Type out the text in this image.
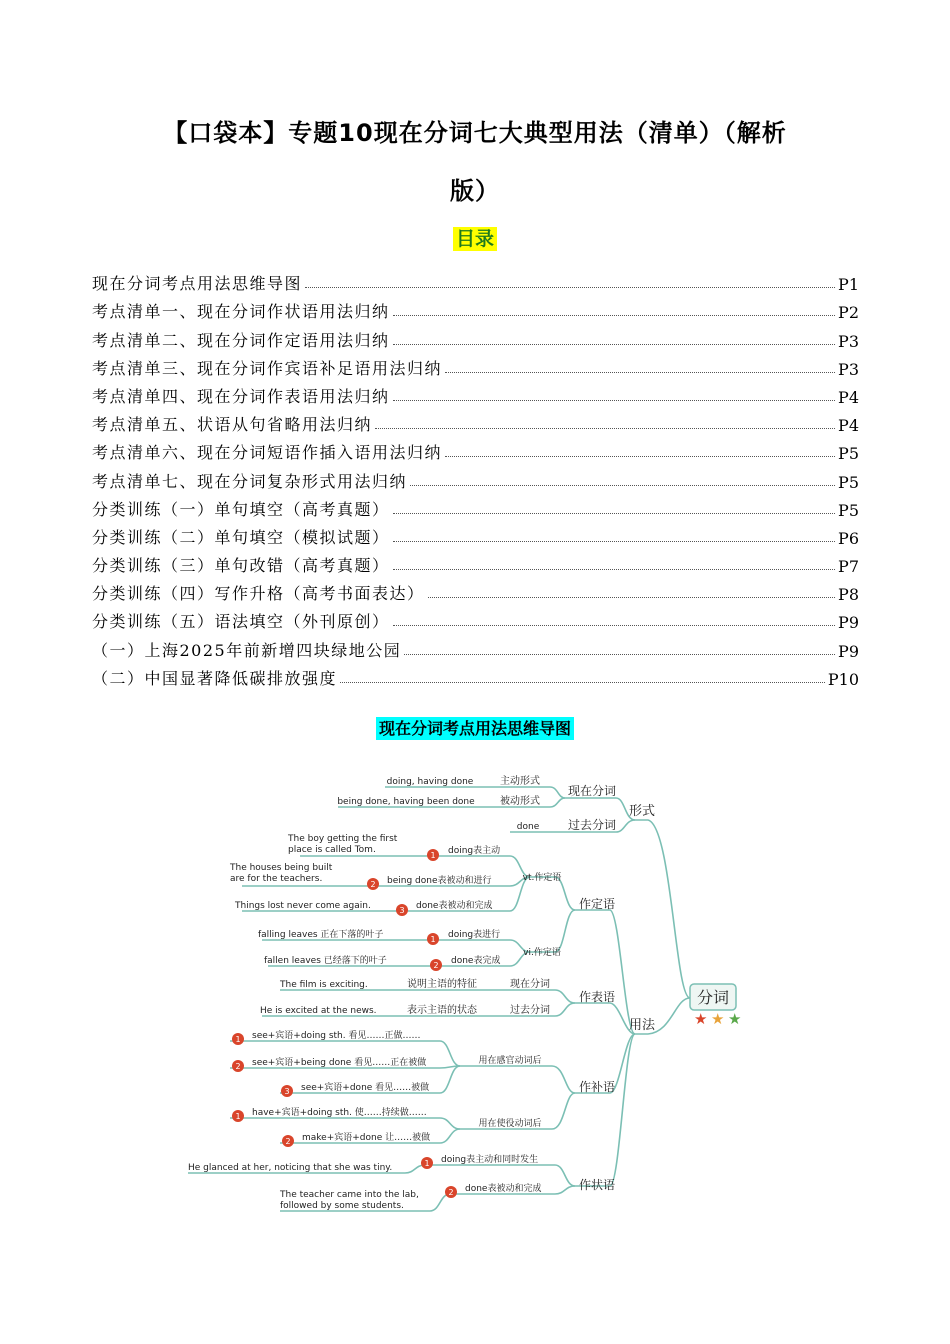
【口袋本】专题10现在分词七大典型用法（清单）（解析
版）
目录
现在分词考点用法思维导图	P1
考点清单一、现在分词作状语用法归纳	P2
考点清单二、现在分词作定语用法归纳	P3
考点清单三、现在分词作宾语补足语用法归纳	P3
考点清单四、现在分词作表语用法归纳	P4
考点清单五、状语从句省略用法归纳	P4
考点清单六、现在分词短语作插入语用法归纳	P5
考点清单七、现在分词复杂形式用法归纳	P5
分类训练（一）单句填空（高考真题）	P5
分类训练（二）单句填空（模拟试题）	P6
分类训练（三）单句改错（高考真题）	P7
分类训练（四）写作升格（高考书面表达）	P8
分类训练（五）语法填空（外刊原创）	P9
（一）上海2025年前新增四块绿地公园	P9
（二）中国显著降低碳排放强度	P10
现在分词考点用法思维导图
分词
★ ★ ★
形式
用法
现在分词
过去分词
主动形式
被动形式
doing, having done
being done, having been done
done
作定语
vt.作定语
vi.作定语
1 doing表主动
2 being done表被动和进行
3 done表被动和完成
The boy getting the first
place is called Tom.
The houses being built
are for the teachers.
Things lost never come again.
1 doing表进行
2 done表完成
falling leaves 正在下落的叶子
fallen leaves 已经落下的叶子
作表语
现在分词
过去分词
说明主语的特征
表示主语的状态
The film is exciting.
He is excited at the news.
作补语
用在感官动词后
用在使役动词后
1 see+宾语+doing sth. 看见……正做……
2 see+宾语+being done 看见……正在被做
3 see+宾语+done 看见……被做
1 have+宾语+doing sth. 使……持续做……
2 make+宾语+done 让……被做
作状语
1 doing表主动和同时发生
2 done表被动和完成
He glanced at her, noticing that she was tiny.
The teacher came into the lab,
followed by some students.
